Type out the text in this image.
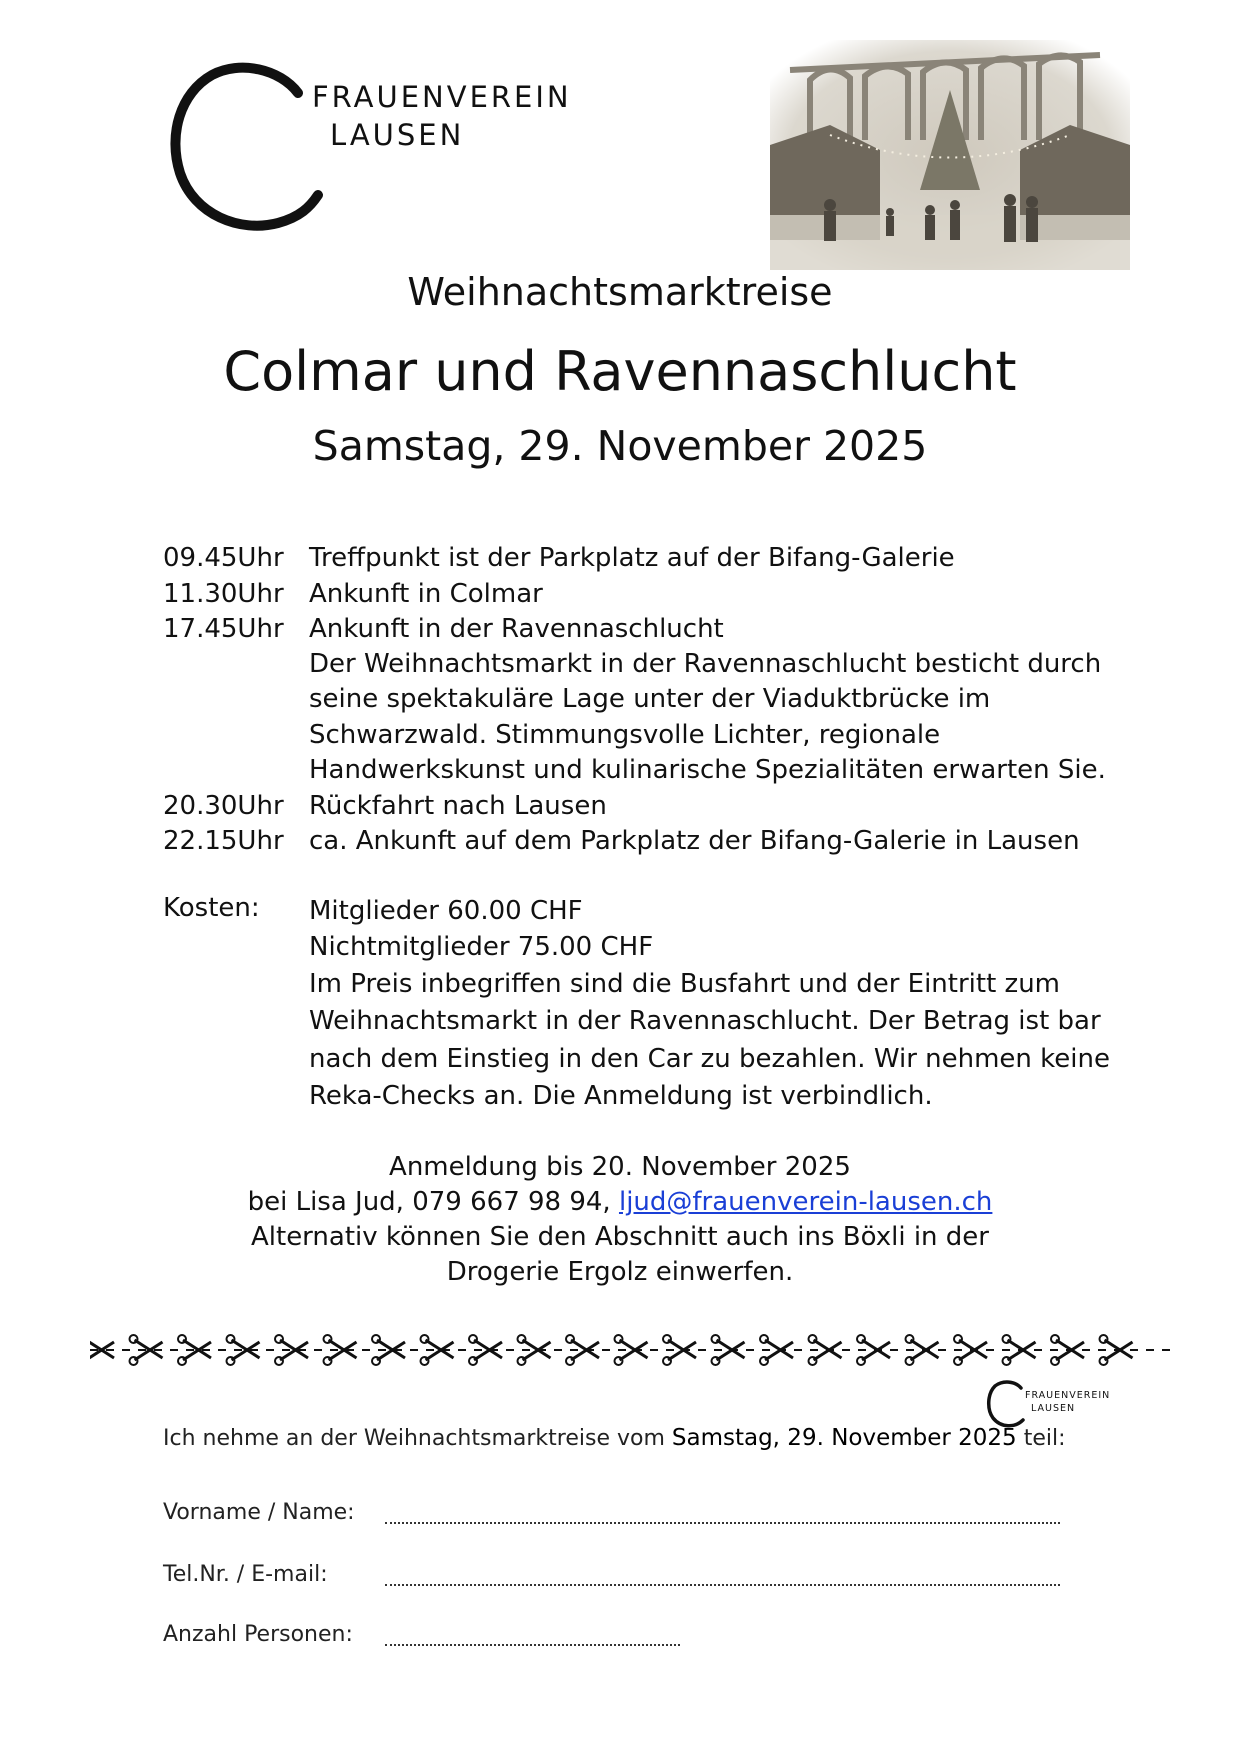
FRAUENVEREIN
LAUSEN
Weihnachtsmarktreise
Colmar und Ravennaschlucht
Samstag, 29. November 2025
09.45Uhr Treffpunkt ist der Parkplatz auf der Bifang-Galerie
11.30Uhr Ankunft in Colmar
17.45Uhr Ankunft in der Ravennaschlucht
Der Weihnachtsmarkt in der Ravennaschlucht besticht durch
seine spektakuläre Lage unter der Viaduktbrücke im
Schwarzwald. Stimmungsvolle Lichter, regionale
Handwerkskunst und kulinarische Spezialitäten erwarten Sie.
20.30Uhr Rückfahrt nach Lausen
22.15Uhr ca. Ankunft auf dem Parkplatz der Bifang-Galerie in Lausen
Kosten: Mitglieder 60.00 CHF
Nichtmitglieder 75.00 CHF
Im Preis inbegriffen sind die Busfahrt und der Eintritt zum
Weihnachtsmarkt in der Ravennaschlucht. Der Betrag ist bar
nach dem Einstieg in den Car zu bezahlen. Wir nehmen keine
Reka-Checks an. Die Anmeldung ist verbindlich.
Anmeldung bis 20. November 2025
bei Lisa Jud, 079 667 98 94, ljud@frauenverein-lausen.ch
Alternativ können Sie den Abschnitt auch ins Böxli in der
Drogerie Ergolz einwerfen.
FRAUENVEREIN
LAUSEN
Ich nehme an der Weihnachtsmarktreise vom Samstag, 29. November 2025 teil:
Vorname / Name:
Tel.Nr. / E-mail:
Anzahl Personen:
